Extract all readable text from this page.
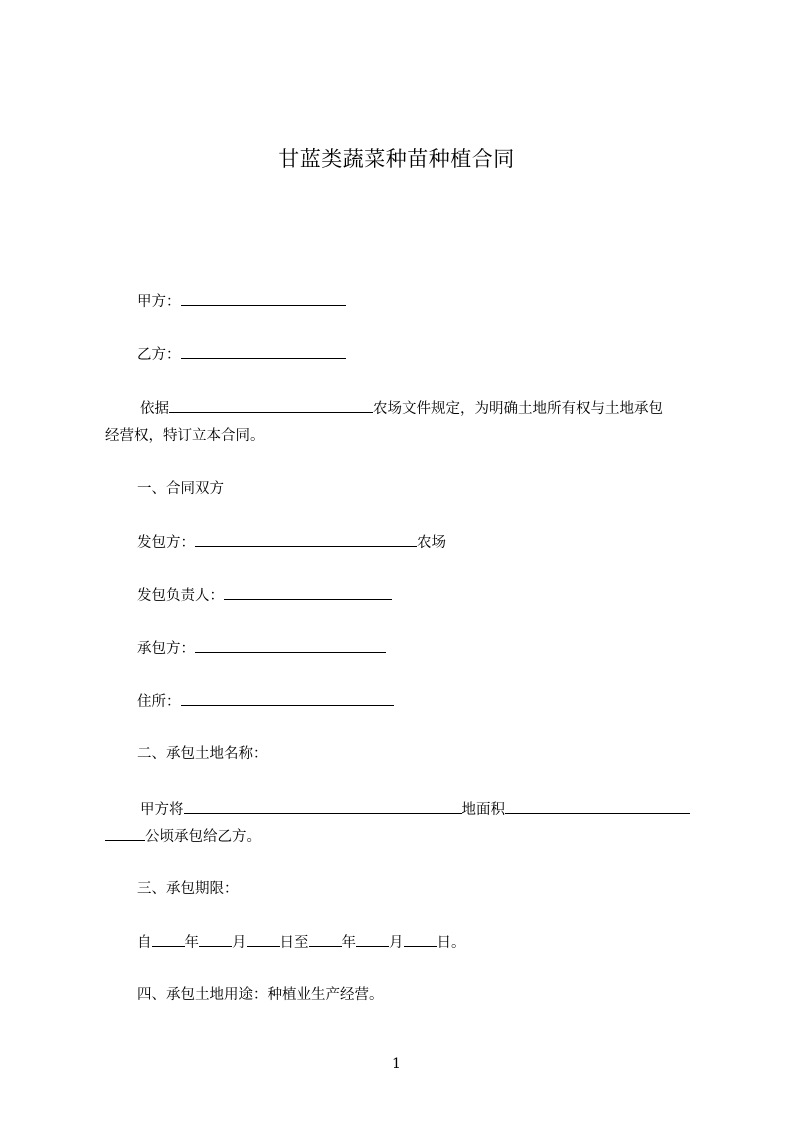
甘蓝类蔬菜种苗种植合同
甲方：
乙方：
依据	农场文件规定，为明确土地所有权与土地承包
经营权，特订立本合同。
一、合同双方
发包方：	农场
发包负责人：
承包方：
住所：
二、承包土地名称：
甲方将	地面积
公顷承包给乙方。
三、承包期限：
自 年 月 日至 年 月 日。
四、承包土地用途：种植业生产经营。
1
